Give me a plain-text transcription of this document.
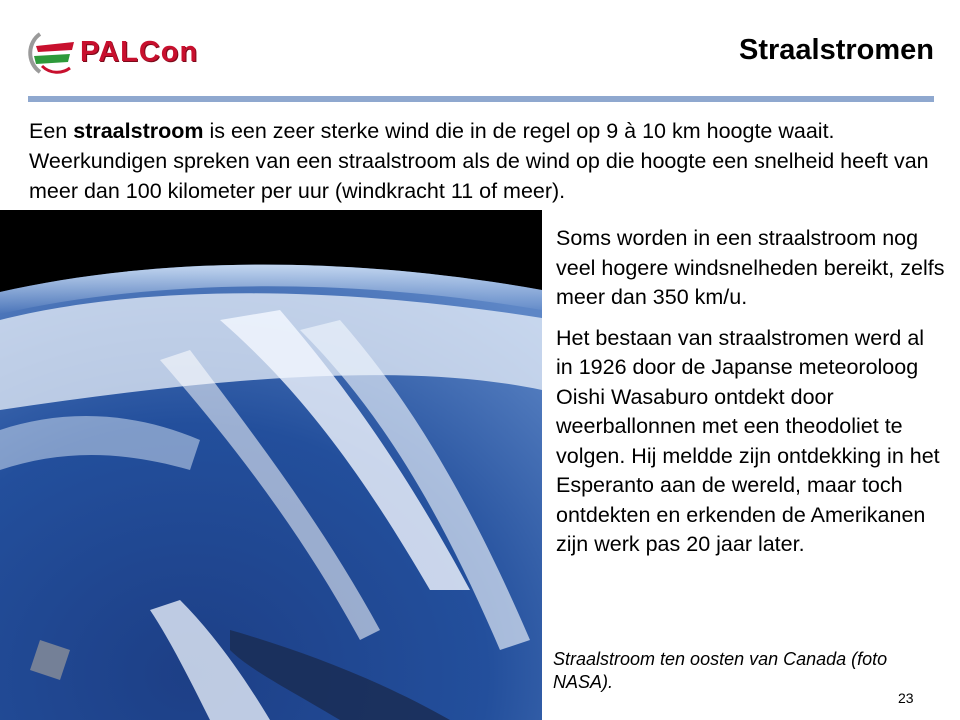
PALCon	Straalstromen
Een straalstroom is een zeer sterke wind die in de regel op 9 à 10 km hoogte waait. Weerkundigen spreken van een straalstroom als de wind op die hoogte een snelheid heeft van meer dan 100 kilometer per uur (windkracht 11 of meer).

Soms worden in een straalstroom nog veel hogere windsnelheden bereikt, zelfs meer dan 350 km/u.

Het bestaan van straalstromen werd al in 1926 door de Japanse meteoroloog Oishi Wasaburo ontdekt door weerballonnen met een theodoliet te volgen. Hij meldde zijn ontdekking in het Esperanto aan de wereld, maar toch ontdekten en erkenden de Amerikanen zijn werk pas 20 jaar later.

Straalstroom ten oosten van Canada (foto NASA).
23
